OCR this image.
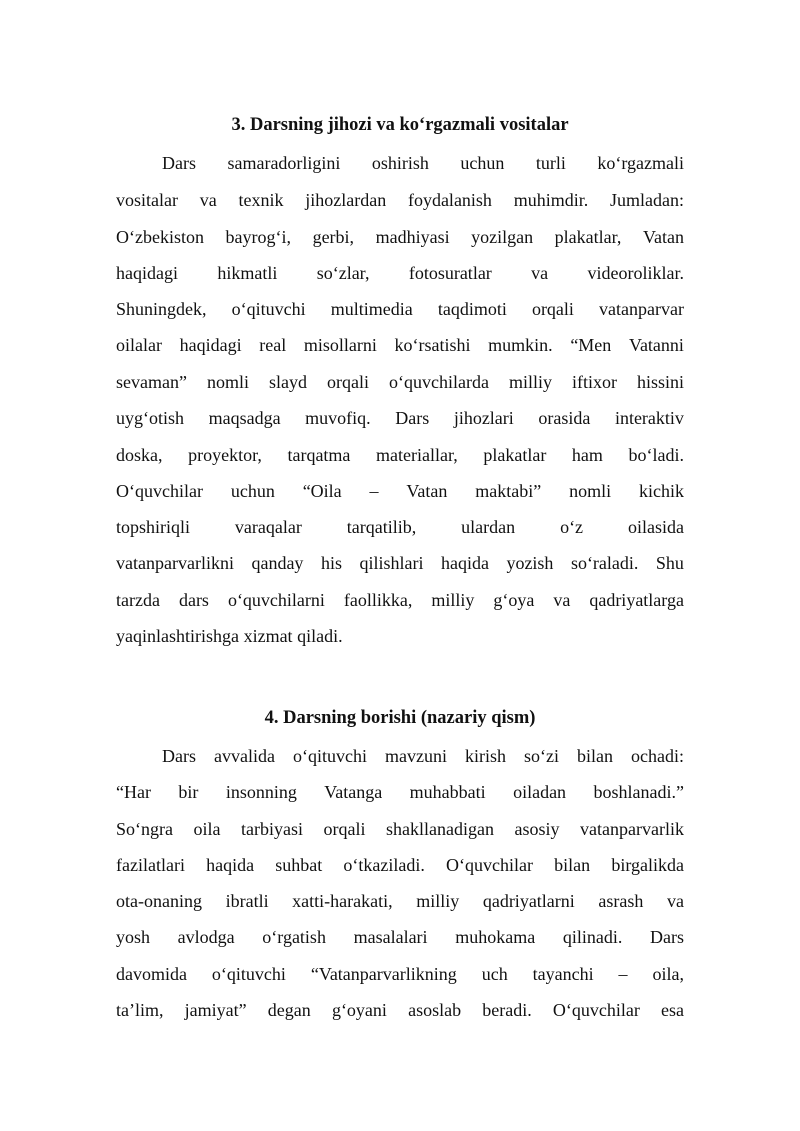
3. Darsning jihozi va ko‘rgazmali vositalar
Dars samaradorligini oshirish uchun turli ko‘rgazmali
vositalar va texnik jihozlardan foydalanish muhimdir. Jumladan:
O‘zbekiston bayrog‘i, gerbi, madhiyasi yozilgan plakatlar, Vatan
haqidagi hikmatli so‘zlar, fotosuratlar va videoroliklar.
Shuningdek, o‘qituvchi multimedia taqdimoti orqali vatanparvar
oilalar haqidagi real misollarni ko‘rsatishi mumkin. “Men Vatanni
sevaman” nomli slayd orqali o‘quvchilarda milliy iftixor hissini
uyg‘otish maqsadga muvofiq. Dars jihozlari orasida interaktiv
doska, proyektor, tarqatma materiallar, plakatlar ham bo‘ladi.
O‘quvchilar uchun “Oila – Vatan maktabi” nomli kichik
topshiriqli varaqalar tarqatilib, ulardan o‘z oilasida
vatanparvarlikni qanday his qilishlari haqida yozish so‘raladi. Shu
tarzda dars o‘quvchilarni faollikka, milliy g‘oya va qadriyatlarga
yaqinlashtirishga xizmat qiladi.
4. Darsning borishi (nazariy qism)
Dars avvalida o‘qituvchi mavzuni kirish so‘zi bilan ochadi:
“Har bir insonning Vatanga muhabbati oiladan boshlanadi.”
So‘ngra oila tarbiyasi orqali shakllanadigan asosiy vatanparvarlik
fazilatlari haqida suhbat o‘tkaziladi. O‘quvchilar bilan birgalikda
ota-onaning ibratli xatti-harakati, milliy qadriyatlarni asrash va
yosh avlodga o‘rgatish masalalari muhokama qilinadi. Dars
davomida o‘qituvchi “Vatanparvarlikning uch tayanchi – oila,
ta’lim, jamiyat” degan g‘oyani asoslab beradi. O‘quvchilar esa
